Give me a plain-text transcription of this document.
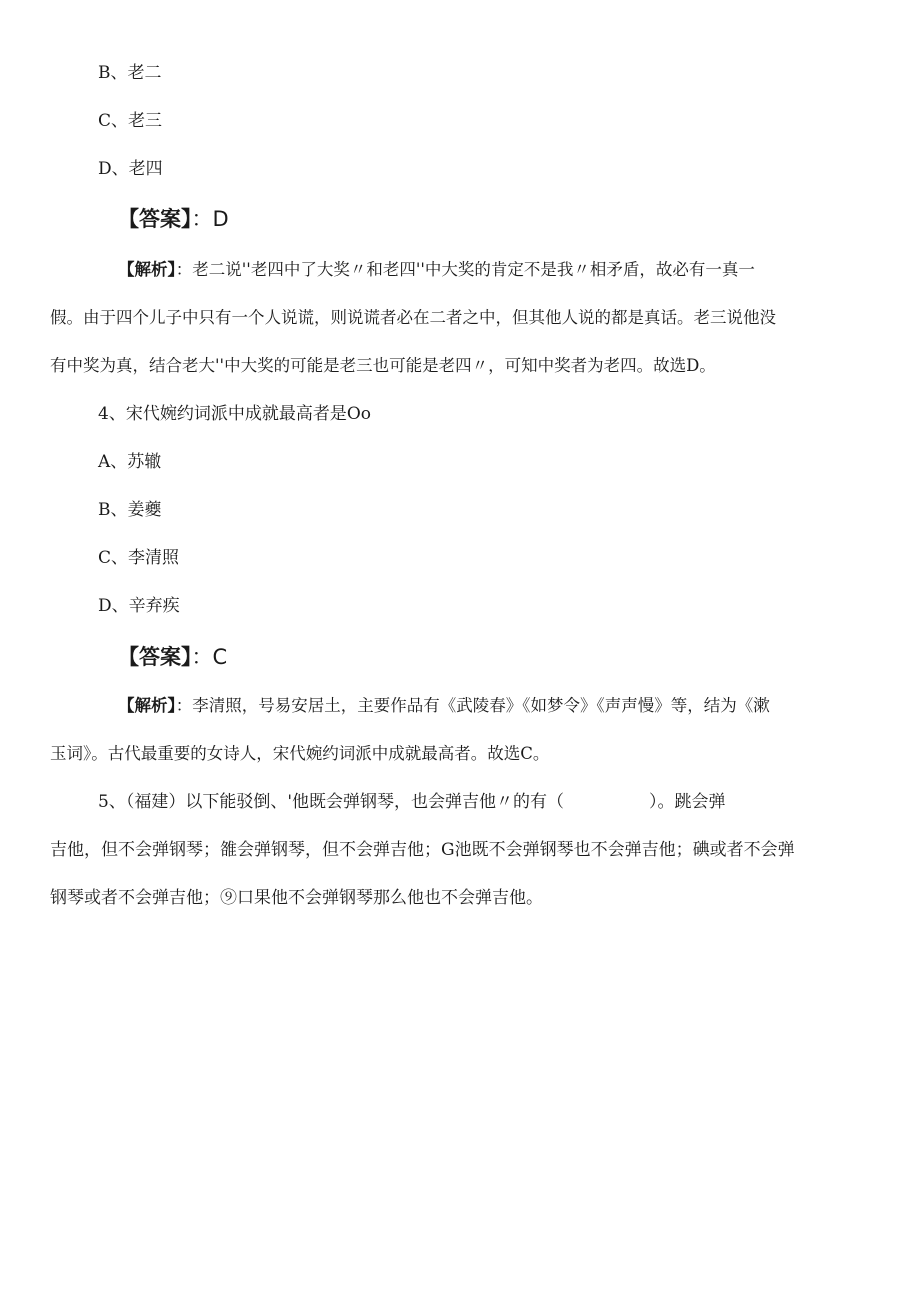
B、老二
C、老三
D、老四
【答案】：D
【解析】：老二说''老四中了大奖〃和老四''中大奖的肯定不是我〃相矛盾，故必有一真一
假。由于四个儿子中只有一个人说谎，则说谎者必在二者之中，但其他人说的都是真话。老三说他没
有中奖为真，结合老大''中大奖的可能是老三也可能是老四〃，可知中奖者为老四。故选D。
4、宋代婉约词派中成就最高者是Oo
A、苏辙
B、姜夔
C、李清照
D、辛弃疾
【答案】：C
【解析】：李清照，号易安居土，主要作品有《武陵春》《如梦令》《声声慢》等，结为《漱
玉词》。古代最重要的女诗人，宋代婉约词派中成就最高者。故选C。
5、（福建）以下能驳倒、'他既会弹钢琴，也会弹吉他〃的有（　　　　　）。跳会弹
吉他，但不会弹钢琴；雒会弹钢琴，但不会弹吉他；G池既不会弹钢琴也不会弹吉他；碘或者不会弹
钢琴或者不会弹吉他；⑨口果他不会弹钢琴那么他也不会弹吉他。
